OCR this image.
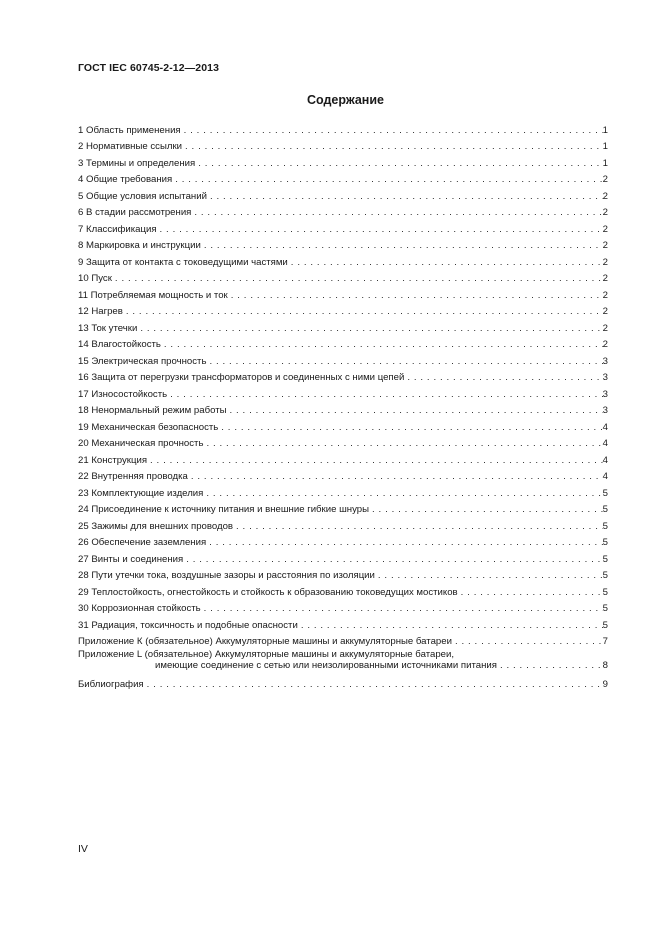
ГОСТ IEC 60745-2-12—2013
Содержание
1 Область применения . . .	1
2 Нормативные ссылки . . .	1
3 Термины и определения . . .	1
4 Общие требования . . .	2
5 Общие условия испытаний . . .	2
6 В стадии рассмотрения . . .	2
7 Классификация . . .	2
8 Маркировка и инструкции . . .	2
9 Защита от контакта с токоведущими частями . . .	2
10 Пуск . . .	2
11 Потребляемая мощность и ток . . .	2
12 Нагрев . . .	2
13 Ток утечки . . .	2
14 Влагостойкость . . .	2
15 Электрическая прочность . . .	3
16 Защита от перегрузки трансформаторов и соединенных с ними цепей . . .	3
17 Износостойкость . . .	3
18 Ненормальный режим работы . . .	3
19 Механическая безопасность . . .	4
20 Механическая прочность . . .	4
21 Конструкция . . .	4
22 Внутренняя проводка . . .	4
23 Комплектующие изделия . . .	5
24 Присоединение к источнику питания и внешние гибкие шнуры . . .	5
25 Зажимы для внешних проводов . . .	5
26 Обеспечение заземления . . .	5
27 Винты и соединения . . .	5
28 Пути утечки тока, воздушные зазоры и расстояния по изоляции . . .	5
29 Теплостойкость, огнестойкость и стойкость к образованию токоведущих мостиков . . .	5
30 Коррозионная стойкость . . .	5
31 Радиация, токсичность и подобные опасности . . .	5
Приложение К (обязательное) Аккумуляторные машины и аккумуляторные батареи . . .	7
Приложение L (обязательное) Аккумуляторные машины и аккумуляторные батареи,
имеющие соединение с сетью или неизолированными источниками питания . . .	8
Библиография . . .	9
IV
